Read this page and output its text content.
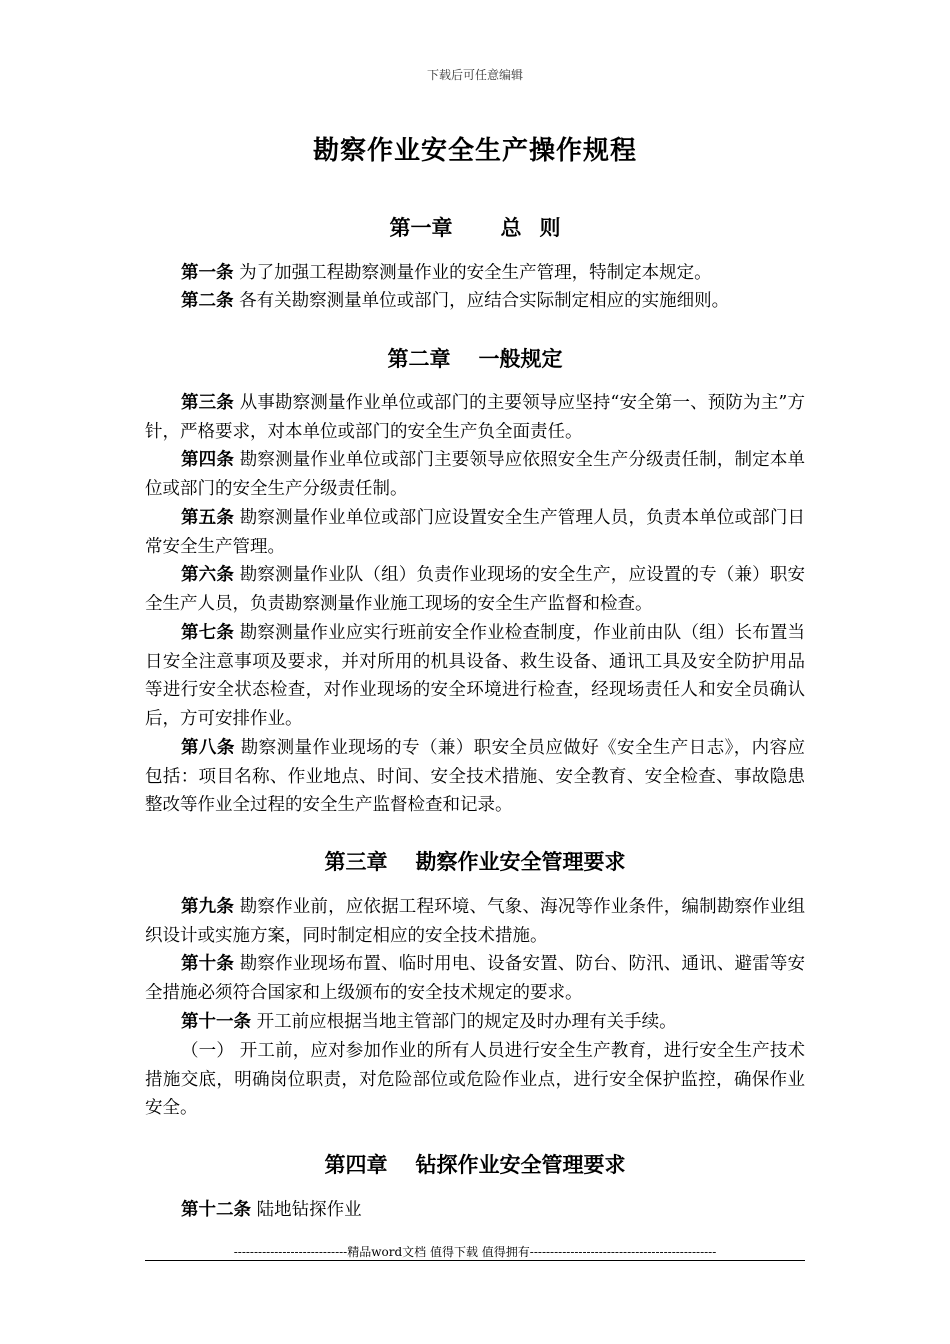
下载后可任意编辑
勘察作业安全生产操作规程
第一章 总 则
第一条 为了加强工程勘察测量作业的安全生产管理，特制定本规定。
第二条 各有关勘察测量单位或部门，应结合实际制定相应的实施细则。
第二章 一般规定
第三条 从事勘察测量作业单位或部门的主要领导应坚持“安全第一、预防为主”方针，严格要求，对本单位或部门的安全生产负全面责任。
第四条 勘察测量作业单位或部门主要领导应依照安全生产分级责任制，制定本单位或部门的安全生产分级责任制。
第五条 勘察测量作业单位或部门应设置安全生产管理人员，负责本单位或部门日常安全生产管理。
第六条 勘察测量作业队（组）负责作业现场的安全生产，应设置的专（兼）职安全生产人员，负责勘察测量作业施工现场的安全生产监督和检查。
第七条 勘察测量作业应实行班前安全作业检查制度，作业前由队（组）长布置当日安全注意事项及要求，并对所用的机具设备、救生设备、通讯工具及安全防护用品等进行安全状态检查，对作业现场的安全环境进行检查，经现场责任人和安全员确认后，方可安排作业。
第八条 勘察测量作业现场的专（兼）职安全员应做好《安全生产日志》，内容应包括：项目名称、作业地点、时间、安全技术措施、安全教育、安全检查、事故隐患整改等作业全过程的安全生产监督检查和记录。
第三章 勘察作业安全管理要求
第九条 勘察作业前，应依据工程环境、气象、海况等作业条件，编制勘察作业组织设计或实施方案，同时制定相应的安全技术措施。
第十条 勘察作业现场布置、临时用电、设备安置、防台、防汛、通讯、避雷等安全措施必须符合国家和上级颁布的安全技术规定的要求。
第十一条 开工前应根据当地主管部门的规定及时办理有关手续。
（一） 开工前，应对参加作业的所有人员进行安全生产教育，进行安全生产技术措施交底，明确岗位职责，对危险部位或危险作业点，进行安全保护监控，确保作业安全。
第四章 钻探作业安全管理要求
第十二条 陆地钻探作业
----------------------------精品word文档 值得下载 值得拥有----------------------------------------------
